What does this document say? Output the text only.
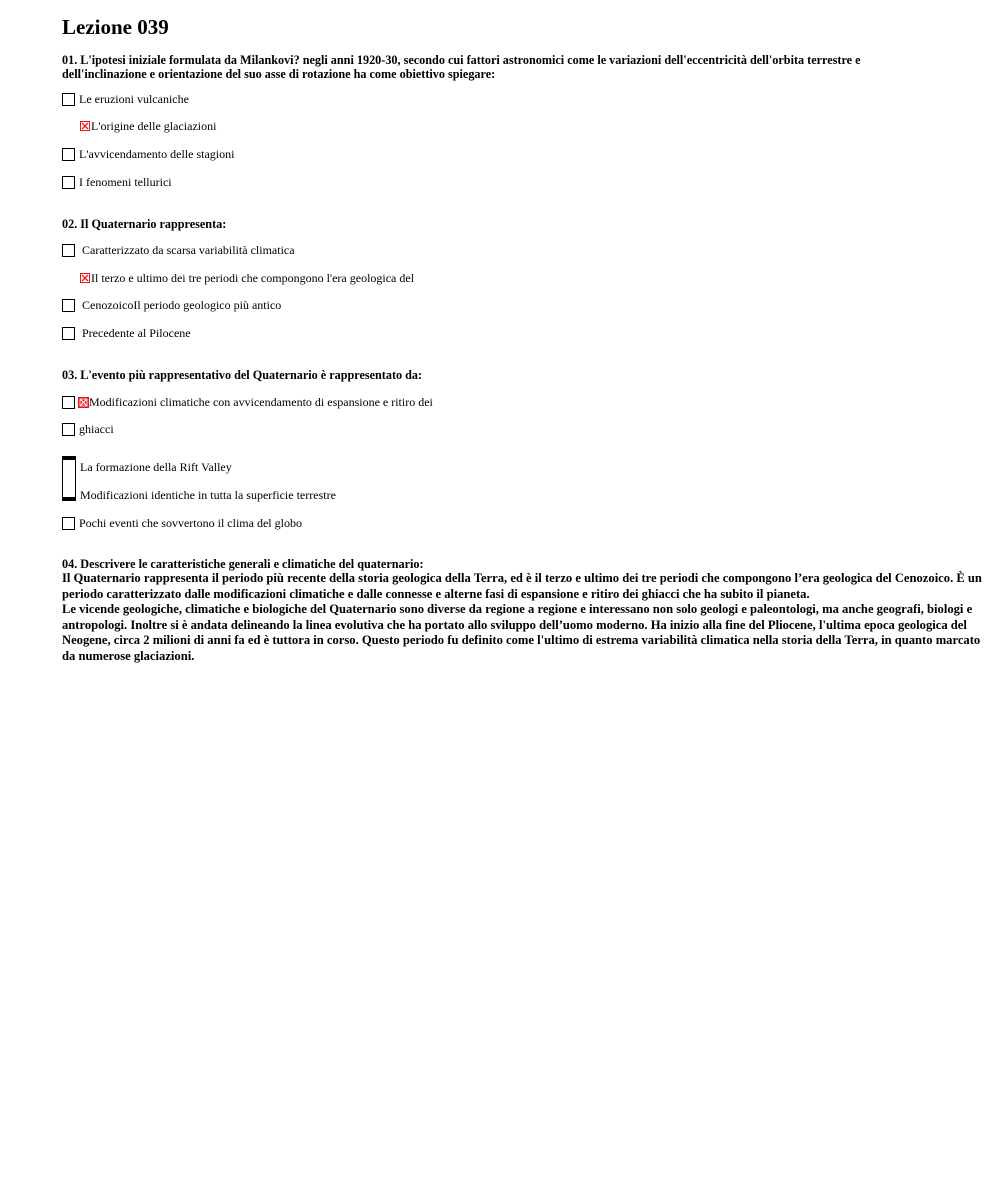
Lezione 039
01. L'ipotesi iniziale formulata da Milankovi? negli anni 1920-30, secondo cui fattori astronomici come le variazioni dell'eccentricità dell'orbita terrestre e dell'inclinazione e orientazione del suo asse di rotazione ha come obiettivo spiegare:
Le eruzioni vulcaniche
L'origine delle glaciazioni
L'avvicendamento delle stagioni
I fenomeni tellurici
02. Il Quaternario rappresenta:
Caratterizzato da scarsa variabilità climatica
Il terzo e ultimo dei tre periodi che compongono l'era geologica del
CenozoicoIl periodo geologico più antico
Precedente al Pilocene
03. L'evento più rappresentativo del Quaternario è rappresentato da:
Modificazioni climatiche con avvicendamento di espansione e ritiro dei
ghiacci
La formazione della Rift Valley
Modificazioni identiche in tutta la superficie terrestre
Pochi eventi che sovvertono il clima del globo
04. Descrivere le caratteristiche generali e climatiche del quaternario:

Il Quaternario rappresenta il periodo più recente della storia geologica della Terra, ed è il terzo e ultimo dei tre periodi che compongono l’era geologica del Cenozoico. È un periodo caratterizzato dalle modificazioni climatiche e dalle connesse e alterne fasi di espansione e ritiro dei ghiacci che ha subito il pianeta.

Le vicende geologiche, climatiche e biologiche del Quaternario sono diverse da regione a regione e interessano non solo geologi e paleontologi, ma anche geografi, biologi e antropologi. Inoltre si è andata delineando la linea evolutiva che ha portato allo sviluppo dell’uomo moderno. Ha inizio alla fine del Pliocene, l'ultima epoca geologica del Neogene, circa 2 milioni di anni fa ed è tuttora in corso. Questo periodo fu definito come l'ultimo di estrema variabilità climatica nella storia della Terra, in quanto marcato da numerose glaciazioni.
